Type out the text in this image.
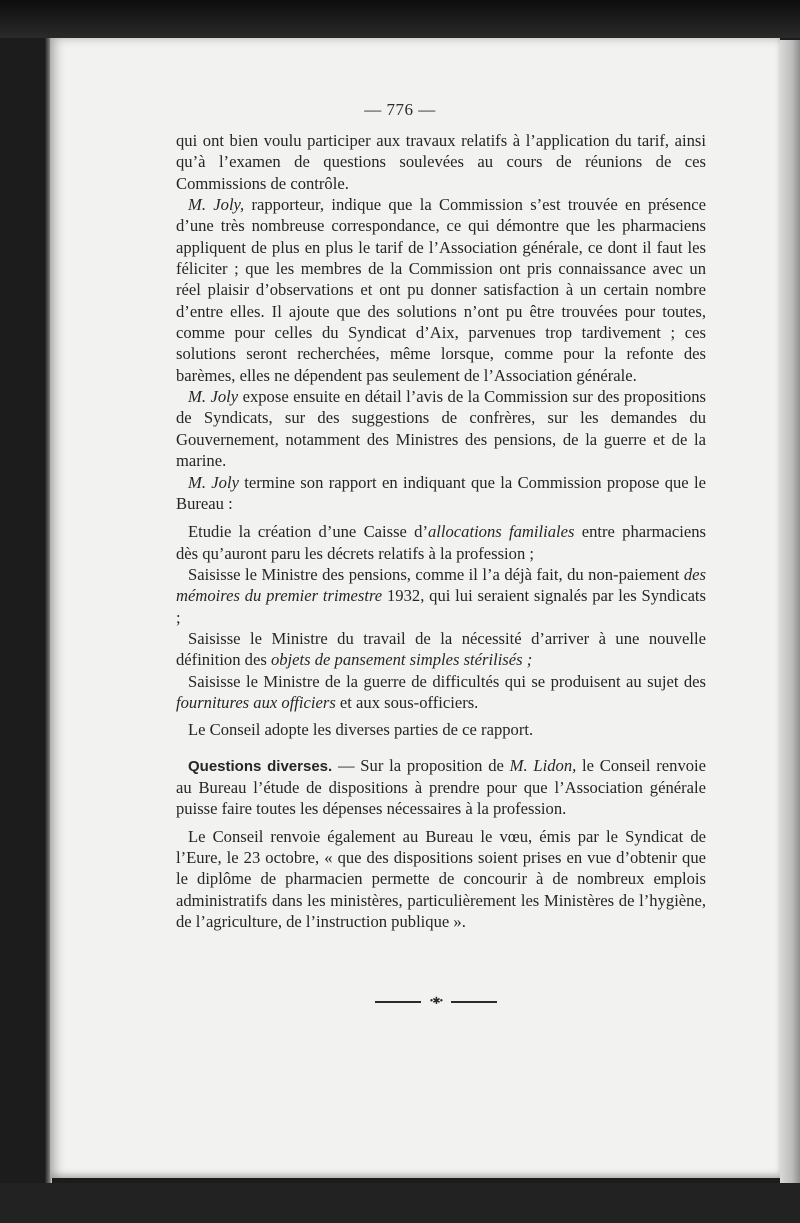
— 776 —

qui ont bien voulu participer aux travaux relatifs à l’application du tarif, ainsi qu’à l’examen de questions soulevées au cours de réunions de ces Commissions de contrôle.

M. Joly, rapporteur, indique que la Commission s’est trouvée en présence d’une très nombreuse correspondance, ce qui démontre que les pharmaciens appliquent de plus en plus le tarif de l’Association générale, ce dont il faut les féliciter ; que les membres de la Commission ont pris connaissance avec un réel plaisir d’observations et ont pu donner satisfaction à un certain nombre d’entre elles. Il ajoute que des solutions n’ont pu être trouvées pour toutes, comme pour celles du Syndicat d’Aix, parvenues trop tardivement ; ces solutions seront recherchées, même lorsque, comme pour la refonte des barèmes, elles ne dépendent pas seulement de l’Association générale.

M. Joly expose ensuite en détail l’avis de la Commission sur des propositions de Syndicats, sur des suggestions de confrères, sur les demandes du Gouvernement, notamment des Ministres des pensions, de la guerre et de la marine.

M. Joly termine son rapport en indiquant que la Commission propose que le Bureau :

Etudie la création d’une Caisse d’allocations familiales entre pharmaciens dès qu’auront paru les décrets relatifs à la profession ;

Saisisse le Ministre des pensions, comme il l’a déjà fait, du non-paiement des mémoires du premier trimestre 1932, qui lui seraient signalés par les Syndicats ;

Saisisse le Ministre du travail de la nécessité d’arriver à une nouvelle définition des objets de pansement simples stérilisés ;

Saisisse le Ministre de la guerre de difficultés qui se produisent au sujet des fournitures aux officiers et aux sous-officiers.

Le Conseil adopte les diverses parties de ce rapport.

Questions diverses. — Sur la proposition de M. Lidon, le Conseil renvoie au Bureau l’étude de dispositions à prendre pour que l’Association générale puisse faire toutes les dépenses nécessaires à la profession.

Le Conseil renvoie également au Bureau le vœu, émis par le Syndicat de l’Eure, le 23 octobre, « que des dispositions soient prises en vue d’obtenir que le diplôme de pharmacien permette de concourir à de nombreux emplois administratifs dans les ministères, particulièrement les Ministères de l’hygiène, de l’agriculture, de l’instruction publique ».

•✱•
